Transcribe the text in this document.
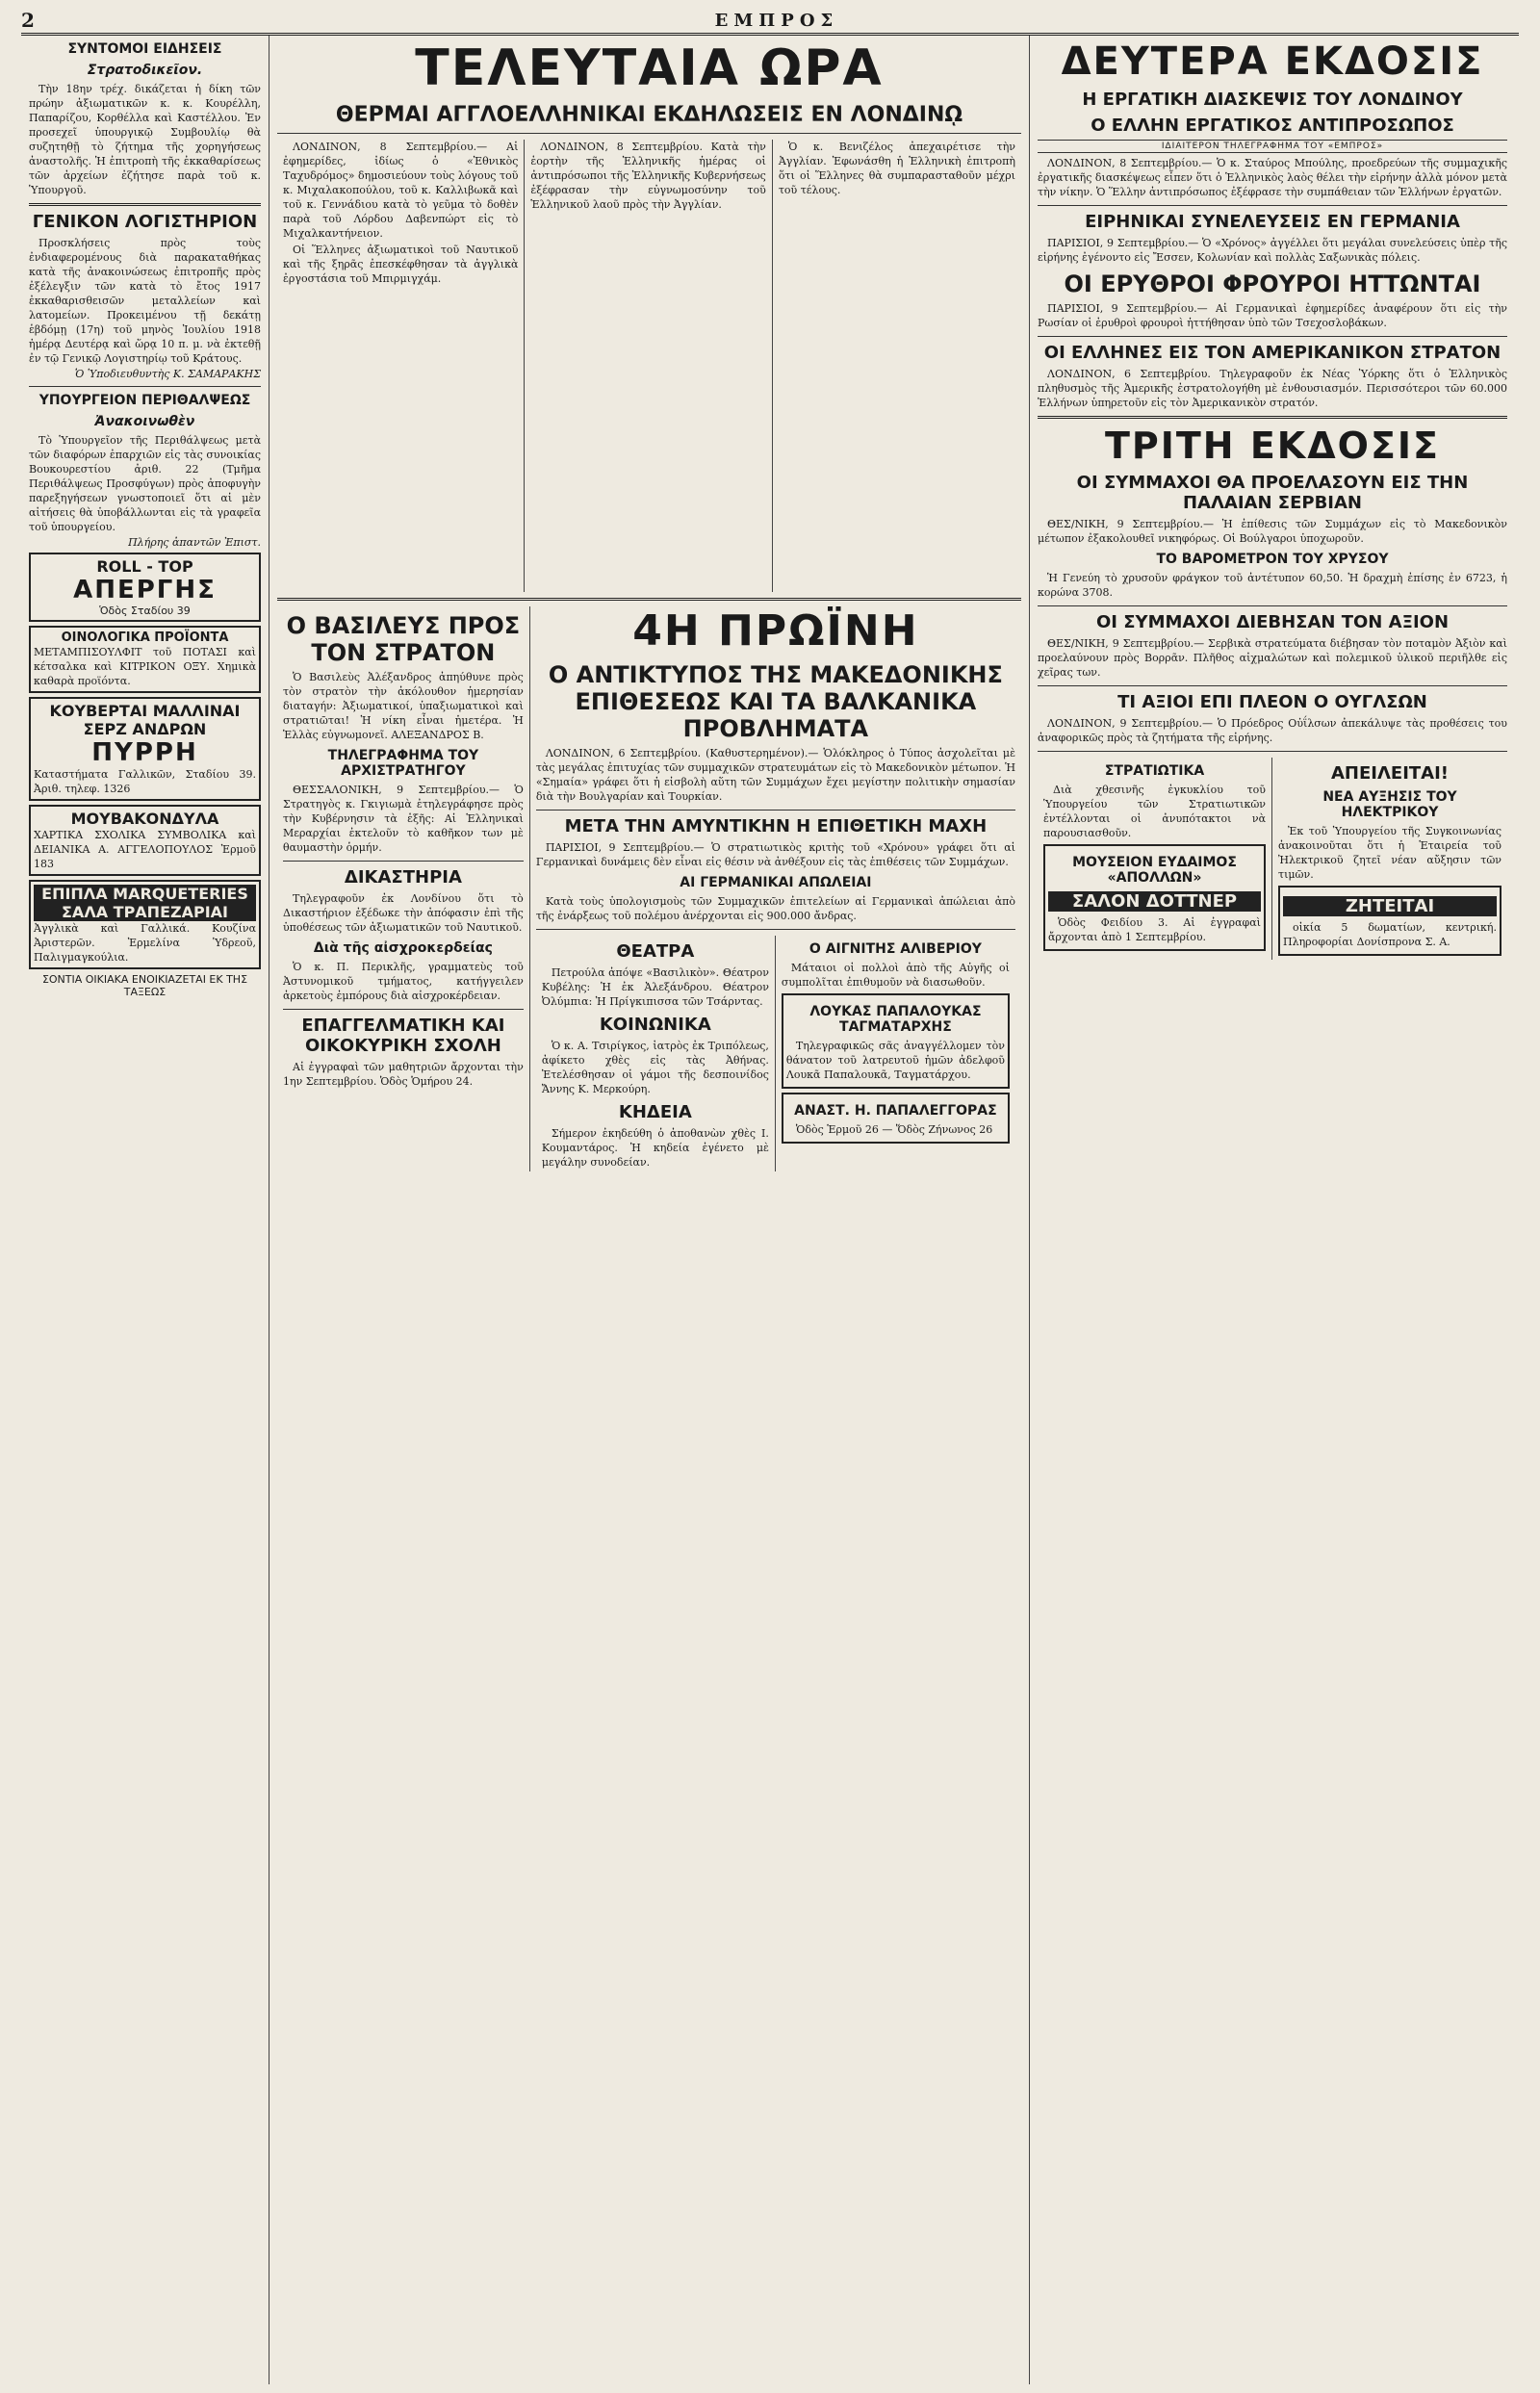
2	ΕΜΠΡΟΣ
ΣΥΝΤΟΜΟΙ ΕΙΔΗΣΕΙΣ
Στρατοδικεῖον.

Τὴν 18ην τρέχ. δικάζεται ἡ δίκη τῶν πρώην ἀξιωματικῶν κ. κ. Κουρέλλη, Παπαρίζου, Κορθέλλα καὶ Καστέλλου. Ἐν προσεχεῖ ὑπουργικῷ Συμβουλίῳ θὰ συζητηθῇ τὸ ζήτημα τῆς χορηγήσεως ἀναστολῆς. Ἡ ἐπιτροπὴ τῆς ἐκκαθαρίσεως τῶν ἀρχείων ἐζήτησε παρὰ τοῦ κ. Ὑπουργοῦ.

ΓΕΝΙΚΟΝ ΛΟΓΙΣΤΗΡΙΟΝ

Προσκλήσεις πρὸς τοὺς ἐνδιαφερομένους διὰ παρακαταθήκας κατὰ τῆς ἀνακοινώσεως ἐπιτροπῆς πρὸς ἐξέλεγξιν τῶν κατὰ τὸ ἔτος 1917 ἐκκαθαρισθεισῶν μεταλλείων καὶ λατομείων. Προκειμένου τῇ δεκάτῃ ἑβδόμῃ (17η) τοῦ μηνὸς Ἰουλίου 1918 ἡμέρᾳ Δευτέρᾳ καὶ ὥρᾳ 10 π. μ. νὰ ἐκτεθῇ ἐν τῷ Γενικῷ Λογιστηρίῳ τοῦ Κράτους.

Ὁ Ὑποδιευθυντὴς Κ. ΣΑΜΑΡΑΚΗΣ
ΥΠΟΥΡΓΕΙΟΝ ΠΕΡΙΘΑΛΨΕΩΣ
Ἀνακοινωθὲν

Τὸ Ὑπουργεῖον τῆς Περιθάλψεως μετὰ τῶν διαφόρων ἐπαρχιῶν εἰς τὰς συνοικίας Βουκουρεστίου ἀριθ. 22 (Τμῆμα Περιθάλψεως Προσφύγων) πρὸς ἀποφυγὴν παρεξηγήσεων γνωστοποιεῖ ὅτι αἱ μὲν αἰτήσεις θὰ ὑποβάλλωνται εἰς τὰ γραφεῖα τοῦ ὑπουργείου.

Πλήρης ἀπαντῶν Ἐπιστ.
ROLL - TOP
ΑΠΕΡΓΗΣ
Ὁδὸς Σταδίου 39
ΟΙΝΟΛΟΓΙΚΑ ΠΡΟΪΟΝΤΑ
ΜΕΤΑΜΠΙΣΟΥΛΦΙΤ τοῦ ΠΟΤΑΣΙ καὶ κέτσαλκα καὶ ΚΙΤΡΙΚΟΝ ΟΞΥ. Χημικὰ καθαρὰ προϊόντα.
ΚΟΥΒΕΡΤΑΙ ΜΑΛΛΙΝΑΙ
ΣΕΡΖ ΑΝΔΡΩΝ
ΠΥΡΡΗ
Καταστήματα Γαλλικῶν, Σταδίου 39. Ἀριθ. τηλεφ. 1326
ΜΟΥΒΑΚΟΝΔΥΛΑ
ΧΑΡΤΙΚΑ ΣΧΟΛΙΚΑ ΣΥΜΒΟΛΙΚΑ καὶ ΔΕΙΑΝΙΚΑ Α. ΑΓΓΕΛΟΠΟΥΛΟΣ Ἑρμοῦ 183
ΕΠΙΠΛΑ MARQUETERIES ΣΑΛΑ ΤΡΑΠΕΖΑΡΙΑΙ
Ἀγγλικὰ καὶ Γαλλικά. Κουζίνα Ἀριστερῶν. Ἐρμελίνα Ὑδρεοῦ, Παλιγμαγκούλια.
ΣΟΝΤΙΑ ΟΙΚΙΑΚΑ ΕΝΟΙΚΙΑΖΕΤΑΙ ΕΚ ΤΗΣ ΤΑΞΕΩΣ
ΤΕΛΕΥΤΑΙΑ ΩΡΑ
ΘΕΡΜΑΙ ΑΓΓΛΟΕΛΛΗΝΙΚΑΙ ΕΚΔΗΛΩΣΕΙΣ ΕΝ ΛΟΝΔΙΝῼ

ΛΟΝΔΙΝΟΝ, 8 Σεπτεμβρίου.— Αἱ ἐφημερίδες, ἰδίως ὁ «Ἐθνικὸς Ταχυδρόμος» δημοσιεύουν τοὺς λόγους τοῦ κ. Μιχαλακοπούλου, τοῦ κ. Καλλιβωκᾶ καὶ τοῦ κ. Γεννάδιου κατὰ τὸ γεῦμα τὸ δοθὲν παρὰ τοῦ Λόρδου Δαβενπώρτ εἰς τὸ Μιχαλκαντήνειον.

Οἱ Ἕλληνες ἀξιωματικοὶ τοῦ Ναυτικοῦ καὶ τῆς ξηρᾶς ἐπεσκέφθησαν τὰ ἀγγλικὰ ἐργοστάσια τοῦ Μπιρμιγχάμ.

ΛΟΝΔΙΝΟΝ, 8 Σεπτεμβρίου. Κατὰ τὴν ἑορτὴν τῆς Ἑλληνικῆς ἡμέρας οἱ ἀντιπρόσωποι τῆς Ἑλληνικῆς Κυβερνήσεως ἐξέφρασαν τὴν εὐγνωμοσύνην τοῦ Ἑλληνικοῦ λαοῦ πρὸς τὴν Ἀγγλίαν.

Ὁ κ. Βενιζέλος ἀπεχαιρέτισε τὴν Ἀγγλίαν. Ἐφωνάσθη ἡ Ἑλληνικὴ ἐπιτροπὴ ὅτι οἱ Ἕλληνες θὰ συμπαρασταθοῦν μέχρι τοῦ τέλους.

Ο ΒΑΣΙΛΕΥΣ ΠΡΟΣ ΤΟΝ ΣΤΡΑΤΟΝ

Ὁ Βασιλεὺς Ἀλέξανδρος ἀπηύθυνε πρὸς τὸν στρατὸν τὴν ἀκόλουθον ἡμερησίαν διαταγήν: Ἀξιωματικοί, ὑπαξιωματικοὶ καὶ στρατιῶται! Ἡ νίκη εἶναι ἡμετέρα. Ἡ Ἑλλὰς εὐγνωμονεῖ. ΑΛΕΞΑΝΔΡΟΣ Β.

ΤΗΛΕΓΡΑΦΗΜΑ ΤΟΥ ΑΡΧΙΣΤΡΑΤΗΓΟΥ

ΘΕΣΣΑΛΟΝΙΚΗ, 9 Σεπτεμβρίου.— Ὁ Στρατηγὸς κ. Γκιγιωμὰ ἐτηλεγράφησε πρὸς τὴν Κυβέρνησιν τὰ ἑξῆς: Αἱ Ἑλληνικαὶ Μεραρχίαι ἐκτελοῦν τὸ καθῆκον των μὲ θαυμαστὴν ὁρμήν.

ΔΙΚΑΣΤΗΡΙΑ

Τηλεγραφοῦν ἐκ Λονδίνου ὅτι τὸ Δικαστήριον ἐξέδωκε τὴν ἀπόφασιν ἐπὶ τῆς ὑποθέσεως τῶν ἀξιωματικῶν τοῦ Ναυτικοῦ.

Διὰ τῆς αἰσχροκερδείας

Ὁ κ. Π. Περικλῆς, γραμματεὺς τοῦ Ἀστυνομικοῦ τμήματος, κατήγγειλεν ἀρκετοὺς ἐμπόρους διὰ αἰσχροκέρδειαν.

ΕΠΑΓΓΕΛΜΑΤΙΚΗ ΚΑΙ ΟΙΚΟΚΥΡΙΚΗ ΣΧΟΛΗ

Αἱ ἐγγραφαὶ τῶν μαθητριῶν ἄρχονται τὴν 1ην Σεπτεμβρίου. Ὁδὸς Ὁμήρου 24.

4Η ΠΡΩΪΝΗ
Ο ΑΝΤΙΚΤΥΠΟΣ ΤΗΣ ΜΑΚΕΔΟΝΙΚΗΣ ΕΠΙΘΕΣΕΩΣ ΚΑΙ ΤΑ ΒΑΛΚΑΝΙΚΑ ΠΡΟΒΛΗΜΑΤΑ

ΛΟΝΔΙΝΟΝ, 6 Σεπτεμβρίου. (Καθυστερημένον).— Ὁλόκληρος ὁ Τύπος ἀσχολεῖται μὲ τὰς μεγάλας ἐπιτυχίας τῶν συμμαχικῶν στρατευμάτων εἰς τὸ Μακεδονικὸν μέτωπον. Ἡ «Σημαία» γράφει ὅτι ἡ εἰσβολὴ αὕτη τῶν Συμμάχων ἔχει μεγίστην πολιτικὴν σημασίαν διὰ τὴν Βουλγαρίαν καὶ Τουρκίαν.

ΜΕΤΑ ΤΗΝ ΑΜΥΝΤΙΚΗΝ Η ΕΠΙΘΕΤΙΚΗ ΜΑΧΗ

ΠΑΡΙΣΙΟΙ, 9 Σεπτεμβρίου.— Ὁ στρατιωτικὸς κριτὴς τοῦ «Χρόνου» γράφει ὅτι αἱ Γερμανικαὶ δυνάμεις δὲν εἶναι εἰς θέσιν νὰ ἀνθέξουν εἰς τὰς ἐπιθέσεις τῶν Συμμάχων.

ΑΙ ΓΕΡΜΑΝΙΚΑΙ ΑΠΩΛΕΙΑΙ

Κατὰ τοὺς ὑπολογισμοὺς τῶν Συμμαχικῶν ἐπιτελείων αἱ Γερμανικαὶ ἀπώλειαι ἀπὸ τῆς ἐνάρξεως τοῦ πολέμου ἀνέρχονται εἰς 900.000 ἄνδρας.

ΘΕΑΤΡΑ

Πετρούλα ἀπόψε «Βασιλικὸν». Θέατρον Κυβέλης: Ἡ ἐκ Ἀλεξάνδρου. Θέατρον Ὀλύμπια: Ἡ Πρίγκιπισσα τῶν Τσάρντας.

ΚΟΙΝΩΝΙΚΑ

Ὁ κ. Α. Τσιρίγκος, ἰατρὸς ἐκ Τριπόλεως, ἀφίκετο χθὲς εἰς τὰς Ἀθήνας. Ἐτελέσθησαν οἱ γάμοι τῆς δεσποινίδος Ἄννης Κ. Μερκούρη.

ΚΗΔΕΙΑ

Σήμερον ἐκηδεύθη ὁ ἀποθανὼν χθὲς Ι. Κουμαντάρος. Ἡ κηδεία ἐγένετο μὲ μεγάλην συνοδείαν.

Ο ΑΙΓΝΙΤΗΣ ΑΛΙΒΕΡΙΟΥ

Μάταιοι οἱ πολλοὶ ἀπὸ τῆς Αὐγῆς οἱ συμπολῖται ἐπιθυμοῦν νὰ διασωθοῦν.

ΛΟΥΚΑΣ ΠΑΠΑΛΟΥΚΑΣ ΤΑΓΜΑΤΑΡΧΗΣ

Τηλεγραφικῶς σᾶς ἀναγγέλλομεν τὸν θάνατον τοῦ λατρευτοῦ ἡμῶν ἀδελφοῦ Λουκᾶ Παπαλουκᾶ, Ταγματάρχου.

ΑΝΑΣΤ. Η. ΠΑΠΑΛΕΓΓΟΡΑΣ

Ὁδὸς Ἑρμοῦ 26 — Ὅδὸς Ζήνωνος 26

ΔΕΥΤΕΡΑ ΕΚΔΟΣΙΣ
Η ΕΡΓΑΤΙΚΗ ΔΙΑΣΚΕΨΙΣ ΤΟΥ ΛΟΝΔΙΝΟΥ
Ο ΕΛΛΗΝ ΕΡΓΑΤΙΚΟΣ ΑΝΤΙΠΡΟΣΩΠΟΣ
ΙΔΙΑΙΤΕΡΟΝ ΤΗΛΕΓΡΑΦΗΜΑ ΤΟΥ «ΕΜΠΡΟΣ»

ΛΟΝΔΙΝΟΝ, 8 Σεπτεμβρίου.— Ὁ κ. Σταύρος Μπούλης, προεδρεύων τῆς συμμαχικῆς ἐργατικῆς διασκέψεως εἶπεν ὅτι ὁ Ἑλληνικὸς λαὸς θέλει τὴν εἰρήνην ἀλλὰ μόνον μετὰ τὴν νίκην. Ὁ Ἕλλην ἀντιπρόσωπος ἐξέφρασε τὴν συμπάθειαν τῶν Ἑλλήνων ἐργατῶν.

ΕΙΡΗΝΙΚΑΙ ΣΥΝΕΛΕΥΣΕΙΣ ΕΝ ΓΕΡΜΑΝΙΑ

ΠΑΡΙΣΙΟΙ, 9 Σεπτεμβρίου.— Ὁ «Χρόνος» ἀγγέλλει ὅτι μεγάλαι συνελεύσεις ὑπὲρ τῆς εἰρήνης ἐγένοντο εἰς Ἔσσεν, Κολωνίαν καὶ πολλὰς Σαξωνικὰς πόλεις.

ΟΙ ΕΡΥΘΡΟΙ ΦΡΟΥΡΟΙ ΗΤΤΩΝΤΑΙ

ΠΑΡΙΣΙΟΙ, 9 Σεπτεμβρίου.— Αἱ Γερμανικαὶ ἐφημερίδες ἀναφέρουν ὅτι εἰς τὴν Ρωσίαν οἱ ἐρυθροὶ φρουροὶ ἡττήθησαν ὑπὸ τῶν Τσεχοσλοβάκων.

ΟΙ ΕΛΛΗΝΕΣ ΕΙΣ ΤΟΝ ΑΜΕΡΙΚΑΝΙΚΟΝ ΣΤΡΑΤΟΝ

ΛΟΝΔΙΝΟΝ, 6 Σεπτεμβρίου. Τηλεγραφοῦν ἐκ Νέας Ὑόρκης ὅτι ὁ Ἑλληνικὸς πληθυσμὸς τῆς Ἀμερικῆς ἐστρατολογήθη μὲ ἐνθουσιασμόν. Περισσότεροι τῶν 60.000 Ἑλλήνων ὑπηρετοῦν εἰς τὸν Ἀμερικανικὸν στρατόν.

ΤΡΙΤΗ ΕΚΔΟΣΙΣ
ΟΙ ΣΥΜΜΑΧΟΙ ΘΑ ΠΡΟΕΛΑΣΟΥΝ ΕΙΣ ΤΗΝ ΠΑΛΑΙΑΝ ΣΕΡΒΙΑΝ

ΘΕΣ/ΝΙΚΗ, 9 Σεπτεμβρίου.— Ἡ ἐπίθεσις τῶν Συμμάχων εἰς τὸ Μακεδονικὸν μέτωπον ἐξακολουθεῖ νικηφόρως. Οἱ Βούλγαροι ὑποχωροῦν.

ΤΟ ΒΑΡΟΜΕΤΡΟΝ ΤΟΥ ΧΡΥΣΟΥ

Ἡ Γενεύη τὸ χρυσοῦν φράγκον τοῦ ἀντέτυπον 60,50. Ἡ δραχμὴ ἐπίσης ἐν 6723, ἡ κορώνα 3708.

ΟΙ ΣΥΜΜΑΧΟΙ ΔΙΕΒΗΣΑΝ ΤΟΝ ΑΞΙΟΝ

ΘΕΣ/ΝΙΚΗ, 9 Σεπτεμβρίου.— Σερβικὰ στρατεύματα διέβησαν τὸν ποταμὸν Ἀξιὸν καὶ προελαύνουν πρὸς Βορρᾶν. Πλῆθος αἰχμαλώτων καὶ πολεμικοῦ ὑλικοῦ περιῆλθε εἰς χεῖρας των.

ΤΙ ΑΞΙΟΙ ΕΠΙ ΠΛΕΟΝ Ο ΟΥΓΛΣΩΝ

ΛΟΝΔΙΝΟΝ, 9 Σεπτεμβρίου.— Ὁ Πρόεδρος Οὐΐλσων ἀπεκάλυψε τὰς προθέσεις του ἀναφορικῶς πρὸς τὰ ζητήματα τῆς εἰρήνης.

ΣΤΡΑΤΙΩΤΙΚΑ

Διὰ χθεσινῆς ἐγκυκλίου τοῦ Ὑπουργείου τῶν Στρατιωτικῶν ἐντέλλονται οἱ ἀνυπότακτοι νὰ παρουσιασθοῦν.

ΜΟΥΣΕΙΟΝ ΕΥΔΑΙΜΟΣ «ΑΠΟΛΛΩΝ»
ΣΑΛΟΝ ΔΟΤΤΝΕΡ

Ὁδὸς Φειδίου 3. Αἱ ἐγγραφαὶ ἄρχονται ἀπὸ 1 Σεπτεμβρίου.

ΑΠΕΙΛΕΙΤΑΙ!
ΝΕΑ ΑΥΞΗΣΙΣ ΤΟΥ ΗΛΕΚΤΡΙΚΟΥ

Ἐκ τοῦ Ὑπουργείου τῆς Συγκοινωνίας ἀνακοινοῦται ὅτι ἡ Ἑταιρεία τοῦ Ἠλεκτρικοῦ ζητεῖ νέαν αὔξησιν τῶν τιμῶν.

ΖΗΤΕΙΤΑΙ

οἰκία 5 δωματίων, κεντρική. Πληροφορίαι Δονίσπρονα Σ. Α.
